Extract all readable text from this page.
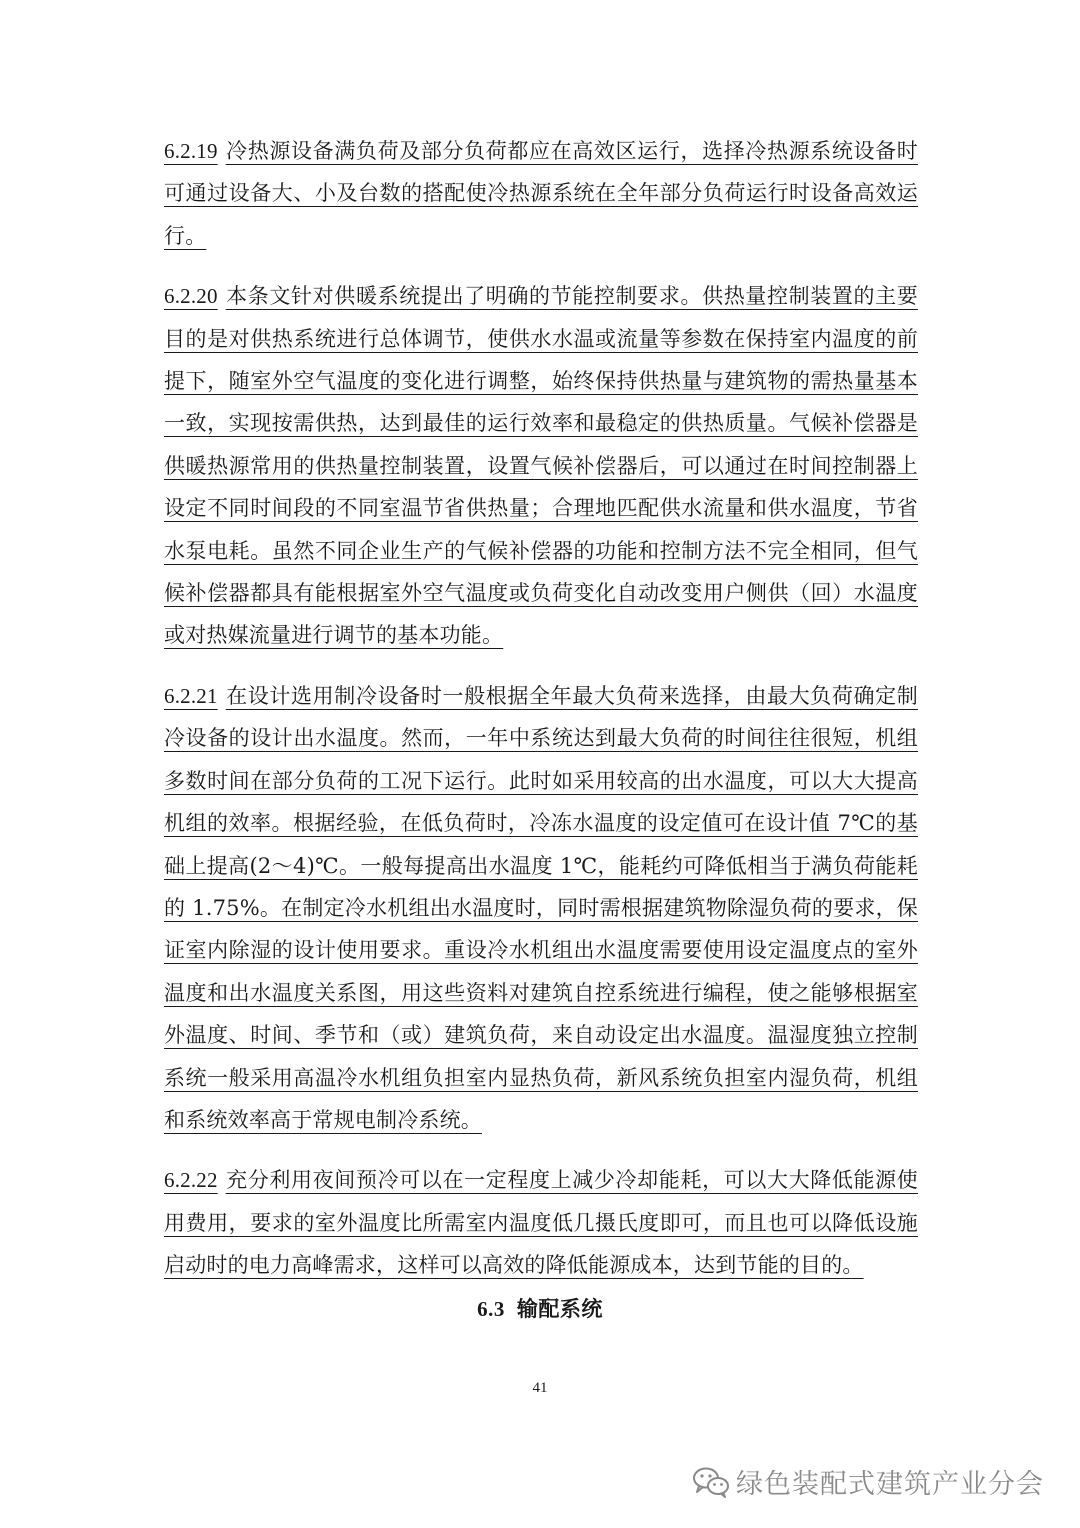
6.2.19 冷热源设备满负荷及部分负荷都应在高效区运行，选择冷热源系统设备时可通过设备大、小及台数的搭配使冷热源系统在全年部分负荷运行时设备高效运行。

6.2.20 本条文针对供暖系统提出了明确的节能控制要求。供热量控制装置的主要目的是对供热系统进行总体调节，使供水水温或流量等参数在保持室内温度的前提下，随室外空气温度的变化进行调整，始终保持供热量与建筑物的需热量基本一致，实现按需供热，达到最佳的运行效率和最稳定的供热质量。气候补偿器是供暖热源常用的供热量控制装置，设置气候补偿器后，可以通过在时间控制器上设定不同时间段的不同室温节省供热量；合理地匹配供水流量和供水温度，节省水泵电耗。虽然不同企业生产的气候补偿器的功能和控制方法不完全相同，但气候补偿器都具有能根据室外空气温度或负荷变化自动改变用户侧供（回）水温度或对热媒流量进行调节的基本功能。

6.2.21 在设计选用制冷设备时一般根据全年最大负荷来选择，由最大负荷确定制冷设备的设计出水温度。然而，一年中系统达到最大负荷的时间往往很短，机组多数时间在部分负荷的工况下运行。此时如采用较高的出水温度，可以大大提高机组的效率。根据经验，在低负荷时，冷冻水温度的设定值可在设计值 7℃的基础上提高(2～4)℃。一般每提高出水温度 1℃，能耗约可降低相当于满负荷能耗的 1.75%。在制定冷水机组出水温度时，同时需根据建筑物除湿负荷的要求，保证室内除湿的设计使用要求。重设冷水机组出水温度需要使用设定温度点的室外温度和出水温度关系图，用这些资料对建筑自控系统进行编程，使之能够根据室外温度、时间、季节和（或）建筑负荷，来自动设定出水温度。温湿度独立控制系统一般采用高温冷水机组负担室内显热负荷，新风系统负担室内湿负荷，机组和系统效率高于常规电制冷系统。

6.2.22 充分利用夜间预冷可以在一定程度上减少冷却能耗，可以大大降低能源使用费用，要求的室外温度比所需室内温度低几摄氏度即可，而且也可以降低设施启动时的电力高峰需求，这样可以高效的降低能源成本，达到节能的目的。

6.3 输配系统
41
绿色装配式建筑产业分会
